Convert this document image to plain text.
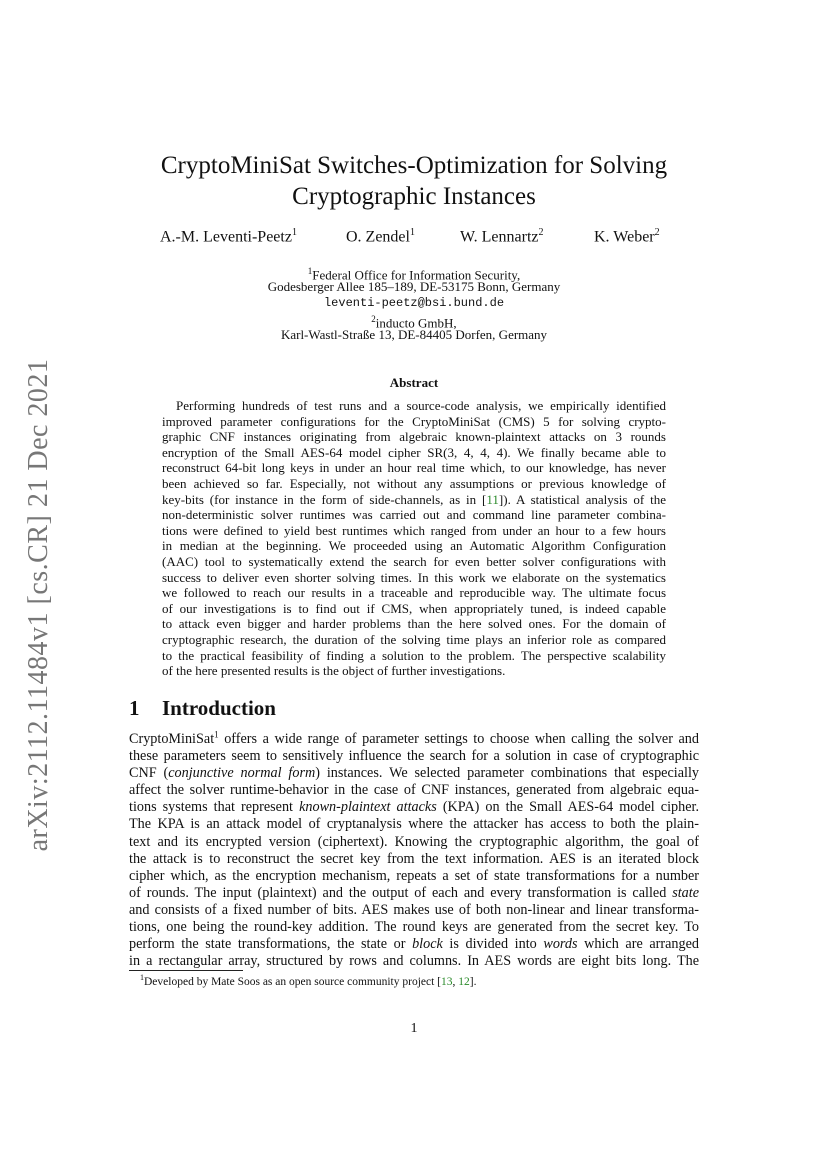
arXiv:2112.11484v1 [cs.CR] 21 Dec 2021
CryptoMiniSat Switches-Optimization for Solving
Cryptographic Instances
A.-M. Leventi-Peetz$^1$	O. Zendel$^1$	W. Lennartz$^2$	K. Weber$^2$
$^1$Federal Office for Information Security,
Godesberger Allee 185–189, DE-53175 Bonn, Germany
leventi-peetz@bsi.bund.de
$^2$inducto GmbH,
Karl-Wastl-Straße 13, DE-84405 Dorfen, Germany
Abstract
Performing hundreds of test runs and a source-code analysis, we empirically identified
improved parameter configurations for the CryptoMiniSat (CMS) 5 for solving crypto-
graphic CNF instances originating from algebraic known-plaintext attacks on 3 rounds
encryption of the Small AES-64 model cipher SR(3, 4, 4, 4). We finally became able to
reconstruct 64-bit long keys in under an hour real time which, to our knowledge, has never
been achieved so far. Especially, not without any assumptions or previous knowledge of
key-bits (for instance in the form of side-channels, as in [11]). A statistical analysis of the
non-deterministic solver runtimes was carried out and command line parameter combina-
tions were defined to yield best runtimes which ranged from under an hour to a few hours
in median at the beginning. We proceeded using an Automatic Algorithm Configuration
(AAC) tool to systematically extend the search for even better solver configurations with
success to deliver even shorter solving times. In this work we elaborate on the systematics
we followed to reach our results in a traceable and reproducible way. The ultimate focus
of our investigations is to find out if CMS, when appropriately tuned, is indeed capable
to attack even bigger and harder problems than the here solved ones. For the domain of
cryptographic research, the duration of the solving time plays an inferior role as compared
to the practical feasibility of finding a solution to the problem. The perspective scalability
of the here presented results is the object of further investigations.
1 Introduction
CryptoMiniSat$^1$ offers a wide range of parameter settings to choose when calling the solver and
these parameters seem to sensitively influence the search for a solution in case of cryptographic
CNF (conjunctive normal form) instances. We selected parameter combinations that especially
affect the solver runtime-behavior in the case of CNF instances, generated from algebraic equa-
tions systems that represent known-plaintext attacks (KPA) on the Small AES-64 model cipher.
The KPA is an attack model of cryptanalysis where the attacker has access to both the plain-
text and its encrypted version (ciphertext). Knowing the cryptographic algorithm, the goal of
the attack is to reconstruct the secret key from the text information. AES is an iterated block
cipher which, as the encryption mechanism, repeats a set of state transformations for a number
of rounds. The input (plaintext) and the output of each and every transformation is called state
and consists of a fixed number of bits. AES makes use of both non-linear and linear transforma-
tions, one being the round-key addition. The round keys are generated from the secret key. To
perform the state transformations, the state or block is divided into words which are arranged
in a rectangular array, structured by rows and columns. In AES words are eight bits long. The
$^1$Developed by Mate Soos as an open source community project [13, 12].
1
